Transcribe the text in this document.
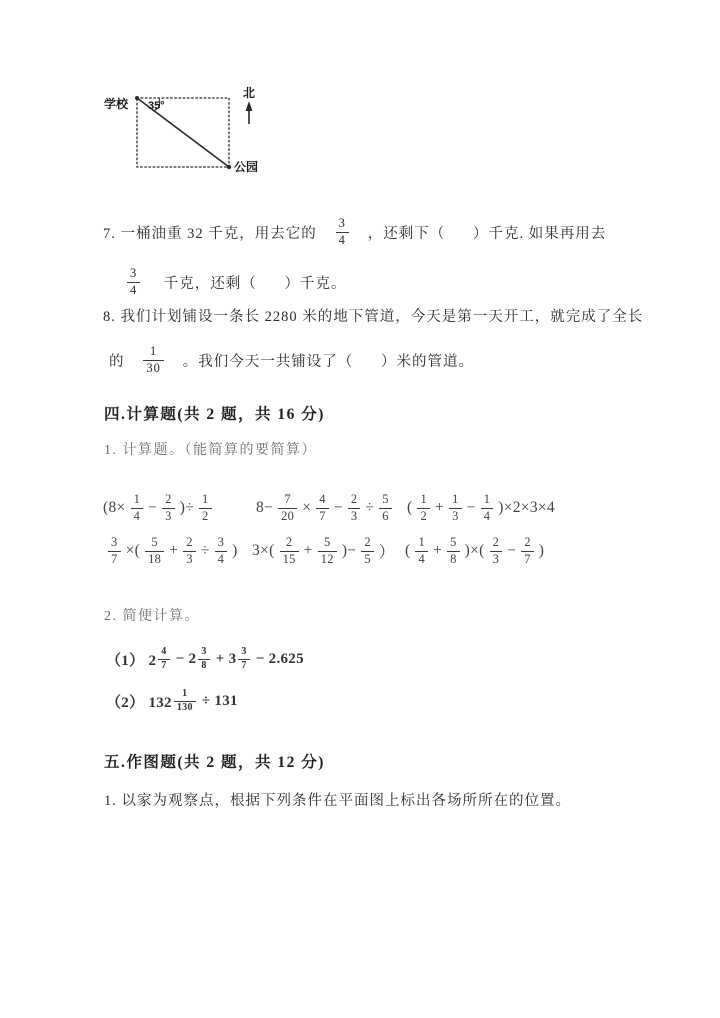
学校 35°
北
公园
7. 一桶油重 32 千克，用去它的 $\frac{3}{4}$ ，还剩下（      ）千克. 如果再用去
$\frac{3}{4}$ 千克，还剩（      ）千克。
8. 我们计划铺设一条长 2280 米的地下管道，今天是第一天开工，就完成了全长
的 $\frac{1}{30}$ 。我们今天一共铺设了（      ）米的管道。
四.计算题(共 2 题，共 16 分)
1. 计算题。（能简算的要简算）
($8\times \frac{1}{4} - \frac{2}{3}$ )÷ $\frac{1}{2}$	$8- \frac{7}{20} \times \frac{4}{7} - \frac{2}{3} \div \frac{5}{6}$ ( $\frac{1}{2} + \frac{1}{3} - \frac{1}{4} )\times 2\times 3\times 4$
$\frac{3}{7}$ ×( $\frac{5}{18} + \frac{2}{3} \div \frac{3}{4}$ ) $3\times( \frac{2}{15} + \frac{5}{12}$ )− $\frac{2}{5}$ ） ( $\frac{1}{4} + \frac{5}{8}$ )×( $\frac{2}{3} - \frac{2}{7}$ )
2. 简便计算。
（1） $2 \frac{4}{7} - 2 \frac{3}{8} + 3 \frac{3}{7} - 2.625$
（2） $132 \frac{1}{130} \div 131$
五.作图题(共 2 题，共 12 分)
1. 以家为观察点，根据下列条件在平面图上标出各场所所在的位置。
